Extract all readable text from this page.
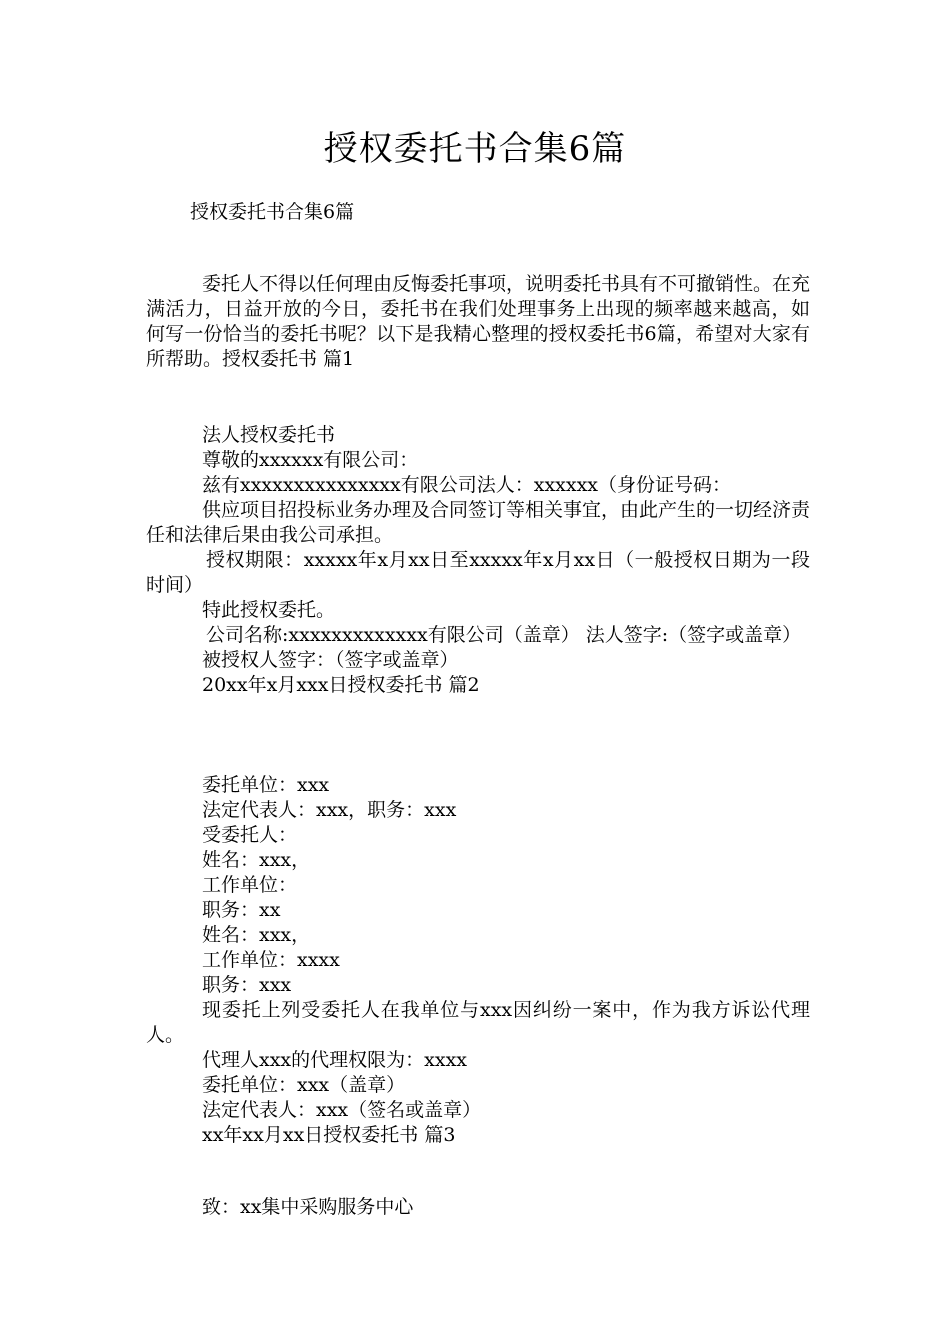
授权委托书合集6篇
授权委托书合集6篇

委托人不得以任何理由反悔委托事项，说明委托书具有不可撤销性。在充满活力，日益开放的今日，委托书在我们处理事务上出现的频率越来越高，如何写一份恰当的委托书呢？以下是我精心整理的授权委托书6篇，希望对大家有所帮助。授权委托书 篇1

法人授权委托书

尊敬的xxxxxx有限公司：

兹有xxxxxxxxxxxxxxx有限公司法人：xxxxxx（身份证号码：

供应项目招投标业务办理及合同签订等相关事宜，由此产生的一切经济责任和法律后果由我公司承担。

授权期限：xxxxx年x月xx日至xxxxx年x月xx日（一般授权日期为一段时间）

特此授权委托。

公司名称:xxxxxxxxxxxxx有限公司（盖章） 法人签字:（签字或盖章）

被授权人签字：（签字或盖章）

20xx年x月xxx日授权委托书 篇2

委托单位：xxx

法定代表人：xxx，职务：xxx

受委托人：

姓名：xxx，

工作单位：

职务：xx

姓名：xxx，

工作单位：xxxx

职务：xxx

现委托上列受委托人在我单位与xxx因纠纷一案中，作为我方诉讼代理人。

代理人xxx的代理权限为：xxxx

委托单位：xxx（盖章）

法定代表人：xxx（签名或盖章）

xx年xx月xx日授权委托书 篇3

致：xx集中采购服务中心
